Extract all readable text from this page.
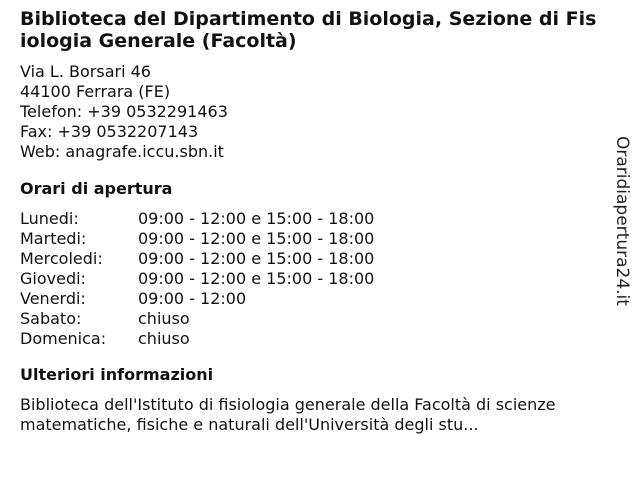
Biblioteca del Dipartimento di Biologia, Sezione di Fisiologia Generale (Facoltà)
Via L. Borsari 46
44100 Ferrara (FE)
Telefon: +39 0532291463
Fax: +39 0532207143
Web: anagrafe.iccu.sbn.it
Orari di apertura
Lunedi:	09:00 - 12:00 e 15:00 - 18:00
Martedi:	09:00 - 12:00 e 15:00 - 18:00
Mercoledi:	09:00 - 12:00 e 15:00 - 18:00
Giovedi:	09:00 - 12:00 e 15:00 - 18:00
Venerdi:	09:00 - 12:00
Sabato:	chiuso
Domenica:	chiuso
Ulteriori informazioni
Biblioteca dell'Istituto di fisiologia generale della Facoltà di scienze matematiche, fisiche e naturali dell'Università degli stu...
Oraridiapertura24.it
